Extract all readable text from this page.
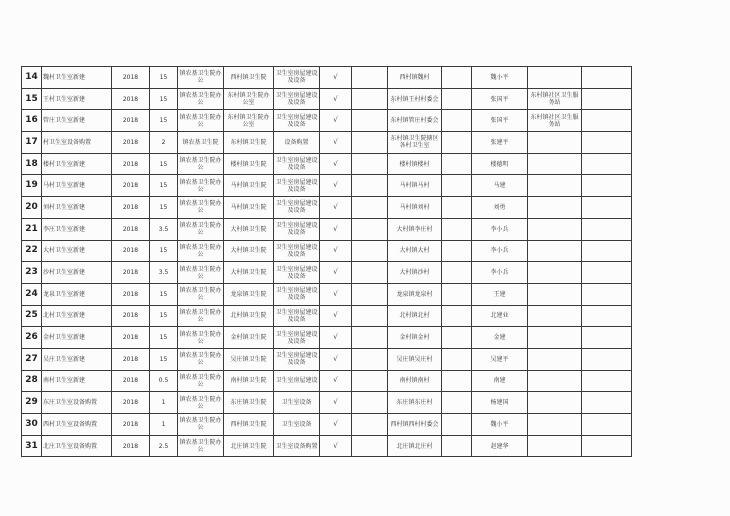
14	魏村卫生室新建	2018	15	镇农基卫生院办公	西村镇卫生院	卫生室房屋建设及设备	√		西村镇魏村		魏小平		
15	王村卫生室新建	2018	15	镇农基卫生院办公	东村镇卫生院办公室	卫生室房屋建设及设备	√		东村镇王村村委会		张国平	东村镇社区卫生服务站	
16	管庄卫生室新建	2018	15	镇农基卫生院办公	东村镇卫生院办公室	卫生室房屋建设及设备	√		东村镇管庄村委会		张国平	东村镇社区卫生服务站	
17	村卫生室设备购置	2018	2	镇农基卫生院	东村镇卫生院	设备购置	√		东村镇卫生院辖区各村卫生室		张建平		
18	楼村卫生室新建	2018	15	镇农基卫生院办公	楼村镇卫生院	卫生室房屋建设及设备	√		楼村镇楼村		楼德明		
19	马村卫生室新建	2018	15	镇农基卫生院办公	马村镇卫生院	卫生室房屋建设及设备	√		马村镇马村		马建		
20	刘村卫生室新建	2018	15	镇农基卫生院办公	马村镇卫生院	卫生室房屋建设及设备	√		马村镇刘村		刘勇		
21	李庄卫生室新建	2018	3.5	镇农基卫生院办公	大村镇卫生院	卫生室房屋建设及设备	√		大村镇李庄村		李小兵		
22	大村卫生室新建	2018	15	镇农基卫生院办公	大村镇卫生院	卫生室房屋建设及设备	√		大村镇大村		李小兵		
23	沙村卫生室新建	2018	3.5	镇农基卫生院办公	大村镇卫生院	卫生室房屋建设及设备	√		大村镇沙村		李小兵		
24	龙泉卫生室新建	2018	15	镇农基卫生院办公	龙泉镇卫生院	卫生室房屋建设及设备	√		龙泉镇龙泉村		王建		
25	北村卫生室新建	2018	15	镇农基卫生院办公	北村镇卫生院	卫生室房屋建设及设备	√		北村镇北村		北建业		
26	金村卫生室新建	2018	15	镇农基卫生院办公	金村镇卫生院	卫生室房屋建设及设备	√		金村镇金村		金建		
27	吴庄卫生室新建	2018	15	镇农基卫生院办公	吴庄镇卫生院	卫生室房屋建设及设备	√		吴庄镇吴庄村		吴建平		
28	南村卫生室新建	2018	0.5	镇农基卫生院办公	南村镇卫生院	卫生室房屋建设	√		南村镇南村		南建		
29	东庄卫生室设备购置	2018	1	镇农基卫生院办公	东庄镇卫生院	卫生室设备	√		东庄镇东庄村		杨建国		
30	西村卫生室设备购置	2018	1	镇农基卫生院办公	西村镇卫生院	卫生室设备	√		西村镇西村村委会		魏小平		
31	北庄卫生室设备购置	2018	2.5	镇农基卫生院办公	北庄镇卫生院	卫生室设备购置	√		北庄镇北庄村		赵建华		
